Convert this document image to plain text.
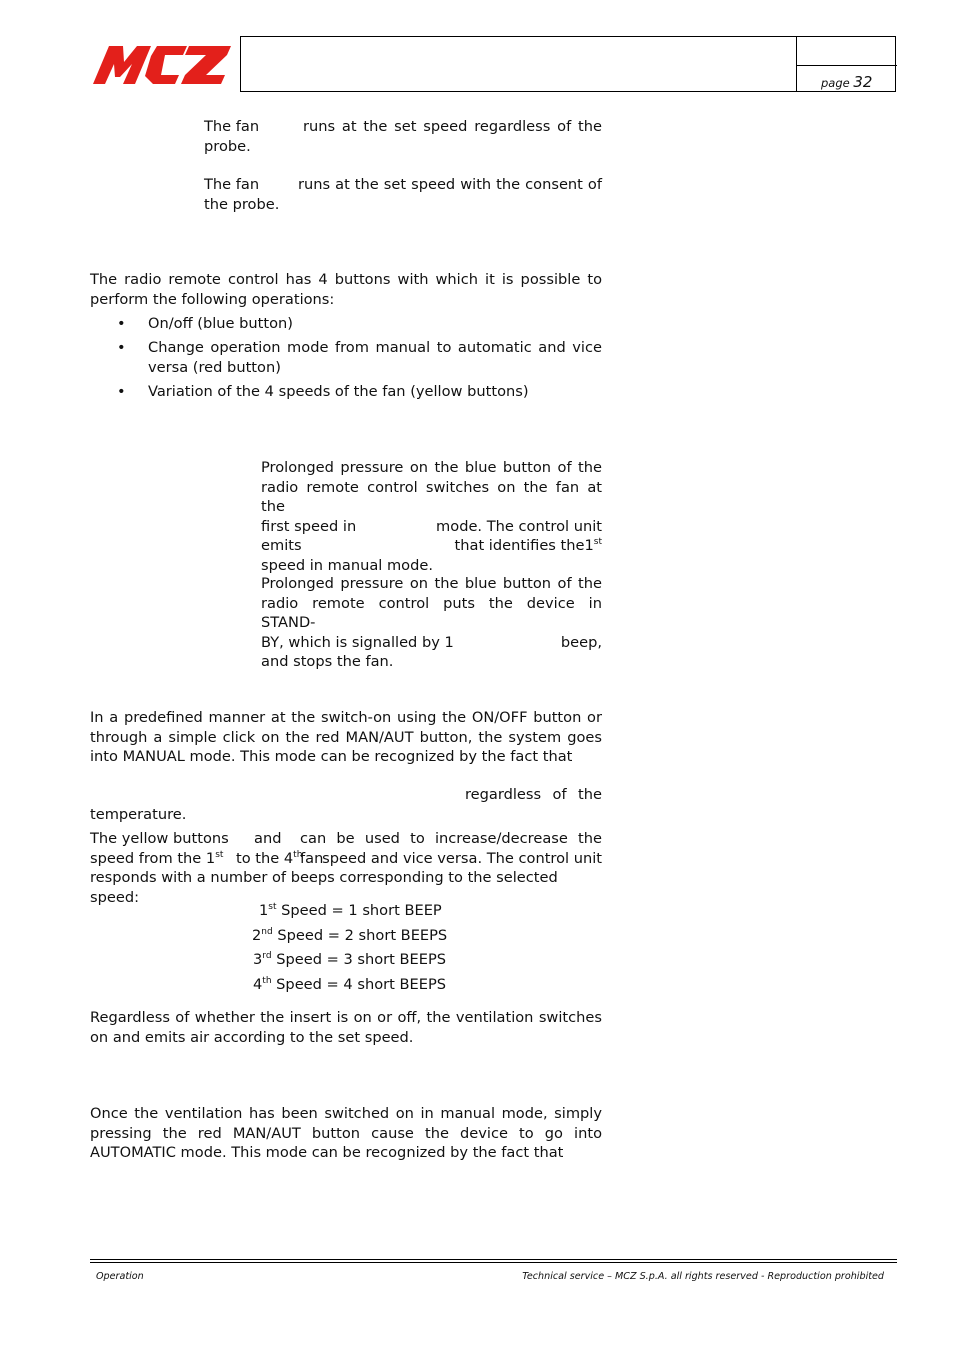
MCZ
page 32
The fan	runs at the set speed regardless of the
probe.
The fan	runs at the set speed with the consent of
the probe.
The radio remote control has 4 buttons with which it is possible to
perform the following operations:
• On/off (blue button)
• Change operation mode from manual to automatic and vice
versa (red button)
• Variation of the 4 speeds of the fan (yellow buttons)
Prolonged pressure on the blue button of the
radio remote control switches on the fan at the
first speed in	mode. The control unit
emits	that identifies the1st
speed in manual mode.
Prolonged pressure on the blue button of the
radio remote control puts the device in STAND-
BY, which is signalled by 1	beep,
and stops the fan.
In a predefined manner at the switch-on using the ON/OFF button or
through a simple click on the red MAN/AUT button, the system goes
into MANUAL mode. This mode can be recognized by the fact that
regardless of the
temperature.
The yellow buttons and can be used to increase/decrease the fan
speed from the 1st to the 4th speed and vice versa. The control unit
responds with a number of beeps corresponding to the selected speed:
1st Speed = 1 short BEEP
2nd Speed = 2 short BEEPS
3rd Speed = 3 short BEEPS
4th Speed = 4 short BEEPS
Regardless of whether the insert is on or off, the ventilation switches
on and emits air according to the set speed.
Once the ventilation has been switched on in manual mode, simply
pressing the red MAN/AUT button cause the device to go into
AUTOMATIC mode. This mode can be recognized by the fact that
Operation	Technical service – MCZ S.p.A. all rights reserved - Reproduction prohibited
